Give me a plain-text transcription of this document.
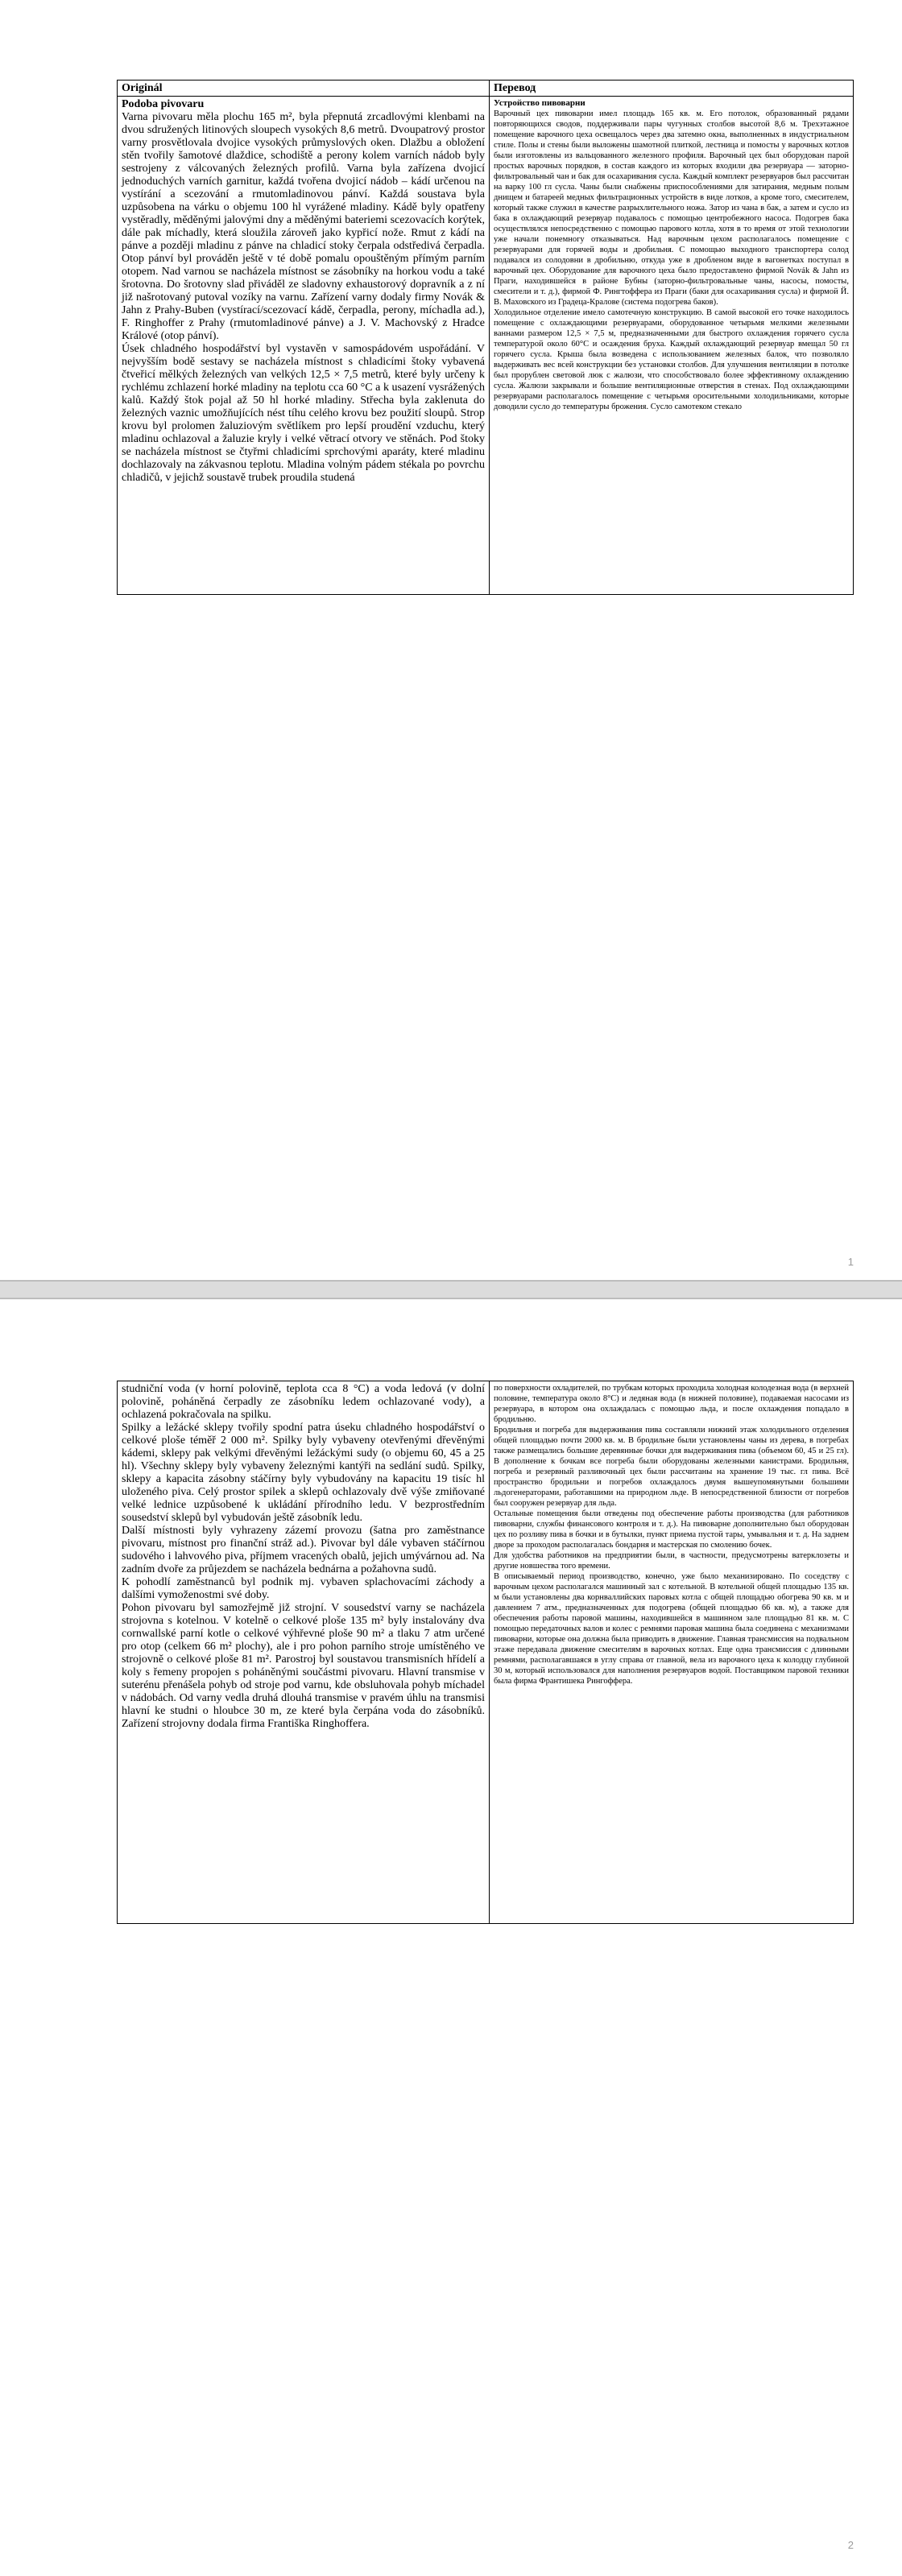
Originál
Podoba pivovaru

Varna pivovaru měla plochu 165 m², byla přepnutá zrcadlovými klenbami na dvou sdružených litinových sloupech vysokých 8,6 metrů. Dvoupatrový prostor varny prosvětlovala dvojice vysokých průmyslových oken. Dlažbu a obložení stěn tvořily šamotové dlaždice, schodiště a perony kolem varních nádob byly sestrojeny z válcovaných železných profilů. Varna byla zařízena dvojicí jednoduchých varních garnitur, každá tvořena dvojicí nádob – kádí určenou na vystírání a scezování a rmutomladinovou pánví. Každá soustava byla uzpůsobena na várku o objemu 100 hl vyrážené mladiny. Kádě byly opatřeny vystěradly, měděnými jalovými dny a měděnými bateriemi scezovacích korýtek, dále pak míchadly, která sloužila zároveň jako kypřicí nože. Rmut z kádí na pánve a později mladinu z pánve na chladicí stoky čerpala odstředivá čerpadla. Otop pánví byl prováděn ještě v té době pomalu opouštěným přímým parním otopem. Nad varnou se nacházela místnost se zásobníky na horkou vodu a také šrotovna. Do šrotovny slad přiváděl ze sladovny exhaustorový dopravník a z ní již našrotovaný putoval vozíky na varnu. Zařízení varny dodaly firmy Novák & Jahn z Prahy-Buben (vystírací/scezovací kádě, čerpadla, perony, míchadla ad.), F. Ringhoffer z Prahy (rmutomladinové pánve) a J. V. Machovský z Hradce Králové (otop pánví).

Úsek chladného hospodářství byl vystavěn v samospádovém uspořádání. V nejvyšším bodě sestavy se nacházela místnost s chladicími štoky vybavená čtveřicí mělkých železných van velkých 12,5 × 7,5 metrů, které byly určeny k rychlému zchlazení horké mladiny na teplotu cca 60 °C a k usazení vysrážených kalů. Každý štok pojal až 50 hl horké mladiny. Střecha byla zaklenuta do železných vaznic umožňujících nést tíhu celého krovu bez použití sloupů. Strop krovu byl prolomen žaluziovým světlíkem pro lepší proudění vzduchu, který mladinu ochlazoval a žaluzie kryly i velké větrací otvory ve stěnách. Pod štoky se nacházela místnost se čtyřmi chladicími sprchovými aparáty, které mladinu dochlazovaly na zákvasnou teplotu. Mladina volným pádem stékala po povrchu chladičů, v jejichž soustavě trubek proudila studená

Перевод
Устройство пивоварни

Варочный цех пивоварни имел площадь 165 кв. м. Его потолок, образованный рядами повторяющихся сводов, поддерживали пары чугунных столбов высотой 8,6 м. Трехэтажное помещение варочного цеха освещалось через два затемно окна, выполненных в индустриальном стиле. Полы и стены были выложены шамотной плиткой, лестница и помосты у варочных котлов были изготовлены из вальцованного железного профиля. Варочный цех был оборудован парой простых варочных порядков, в состав каждого из которых входили два резервуара — заторно-фильтровальный чан и бак для осахаривания сусла. Каждый комплект резервуаров был рассчитан на варку 100 гл сусла. Чаны были снабжены приспособлениями для затирания, медным полым днищем и батареей медных фильтрационных устройств в виде лотков, а кроме того, смесителем, который также служил в качестве разрыхлительного ножа. Затор из чана в бак, а затем и сусло из бака в охлаждающий резервуар подавалось с помощью центробежного насоса. Подогрев бака осуществлялся непосредственно с помощью парового котла, хотя в то время от этой технологии уже начали понемногу отказываться. Над варочным цехом располагалось помещение с резервуарами для горячей воды и дробильня. С помощью выходного транспортера солод подавался из солодовни в дробильню, откуда уже в дробленом виде в вагонетках поступал в варочный цех. Оборудование для варочного цеха было предоставлено фирмой Novák & Jahn из Праги, находившейся в районе Бубны (заторно-фильтровальные чаны, насосы, помосты, смесители и т. д.), фирмой Ф. Рингтоффера из Праги (баки для осахаривания сусла) и фирмой Й. В. Маховского из Градеца-Кралове (система подогрева баков).

Холодильное отделение имело самотечную конструкцию. В самой высокой его точке находилось помещение с охлаждающими резервуарами, оборудованное четырьмя мелкими железными ваннами размером 12,5 × 7,5 м, предназначенными для быстрого охлаждения горячего сусла температурой около 60°C и осаждения бруха. Каждый охлаждающий резервуар вмещал 50 гл горячего сусла. Крыша была возведена с использованием железных балок, что позволяло выдерживать вес всей конструкции без установки столбов. Для улучшения вентиляции в потолке был прорублен световой люк с жалюзи, что способствовало более эффективному охлаждению сусла. Жалюзи закрывали и большие вентиляционные отверстия в стенах. Под охлаждающими резервуарами располагалось помещение с четырьмя оросительными холодильниками, которые доводили сусло до температуры брожения. Сусло самотеком стекало

1

studniční voda (v horní polovině, teplota cca 8 °C) a voda ledová (v dolní polovině, poháněná čerpadly ze zásobníku ledem ochlazované vody), a ochlazená pokračovala na spilku.

Spilky a ležácké sklepy tvořily spodní patra úseku chladného hospodářství o celkové ploše téměř 2 000 m². Spilky byly vybaveny otevřenými dřevěnými kádemi, sklepy pak velkými dřevěnými ležáckými sudy (o objemu 60, 45 a 25 hl). Všechny sklepy byly vybaveny železnými kantýři na sedlání sudů. Spilky, sklepy a kapacita zásobny stáčírny byly vybudovány na kapacitu 19 tisíc hl uloženého piva. Celý prostor spilek a sklepů ochlazovaly dvě výše zmiňované velké lednice uzpůsobené k ukládání přírodního ledu. V bezprostředním sousedství sklepů byl vybudován ještě zásobník ledu.

Další místnosti byly vyhrazeny zázemí provozu (šatna pro zaměstnance pivovaru, místnost pro finanční stráž ad.). Pivovar byl dále vybaven stáčírnou sudového i lahvového piva, příjmem vracených obalů, jejich umývárnou ad. Na zadním dvoře za průjezdem se nacházela bednárna a požahovna sudů.

K pohodlí zaměstnanců byl podnik mj. vybaven splachovacími záchody a dalšími vymoženostmi své doby.

Pohon pivovaru byl samozřejmě již strojní. V sousedství varny se nacházela strojovna s kotelnou. V kotelně o celkové ploše 135 m² byly instalovány dva cornwallské parní kotle o celkové výhřevné ploše 90 m² a tlaku 7 atm určené pro otop (celkem 66 m² plochy), ale i pro pohon parního stroje umístěného ve strojovně o celkové ploše 81 m². Parostroj byl soustavou transmisních hřídelí a koly s řemeny propojen s poháněnými součástmi pivovaru. Hlavní transmise v suterénu přenášela pohyb od stroje pod varnu, kde obsluhovala pohyb míchadel v nádobách. Od varny vedla druhá dlouhá transmise v pravém úhlu na transmisi hlavní ke studni o hloubce 30 m, ze které byla čerpána voda do zásobníků. Zařízení strojovny dodala firma Františka Ringhoffera.

по поверхности охладителей, по трубкам которых проходила холодная колодезная вода (в верхней половине, температура около 8°C) и ледяная вода (в нижней половине), подаваемая насосами из резервуара, в котором она охлаждалась с помощью льда, и после охлаждения попадало в бродильню.

Бродильня и погреба для выдерживания пива составляли нижний этаж холодильного отделения общей площадью почти 2000 кв. м. В бродильне были установлены чаны из дерева, в погребах также размещались большие деревянные бочки для выдерживания пива (объемом 60, 45 и 25 гл). В дополнение к бочкам все погреба были оборудованы железными канистрами. Бродильня, погреба и резервный разливочный цех были рассчитаны на хранение 19 тыс. гл пива. Всё пространство бродильни и погребов охлаждалось двумя вышеупомянутыми большими льдогенераторами, работавшими на природном льде. В непосредственной близости от погребов был сооружен резервуар для льда.

Остальные помещения были отведены под обеспечение работы производства (для работников пивоварни, службы финансового контроля и т. д.). На пивоварне дополнительно был оборудован цех по розливу пива в бочки и в бутылки, пункт приема пустой тары, умывальня и т. д. На заднем дворе за проходом располагалась бондарня и мастерская по смолению бочек.

Для удобства работников на предприятии были, в частности, предусмотрены ватерклозеты и другие новшества того времени.

В описываемый период производство, конечно, уже было механизировано. По соседству с варочным цехом располагался машинный зал с котельной. В котельной общей площадью 135 кв. м были установлены два корнваллийских паровых котла с общей площадью обогрева 90 кв. м и давлением 7 атм., предназначенных для подогрева (общей площадью 66 кв. м), а также для обеспечения работы паровой машины, находившейся в машинном зале площадью 81 кв. м. С помощью передаточных валов и колес с ремнями паровая машина была соединена с механизмами пивоварни, которые она должна была приводить в движение. Главная трансмиссия на подвальном этаже передавала движение смесителям в варочных котлах. Еще одна трансмиссия с длинными ремнями, располагавшаяся в углу справа от главной, вела из варочного цеха к колодцу глубиной 30 м, который использовался для наполнения резервуаров водой. Поставщиком паровой техники была фирма Франтишека Рингоффера.

2
